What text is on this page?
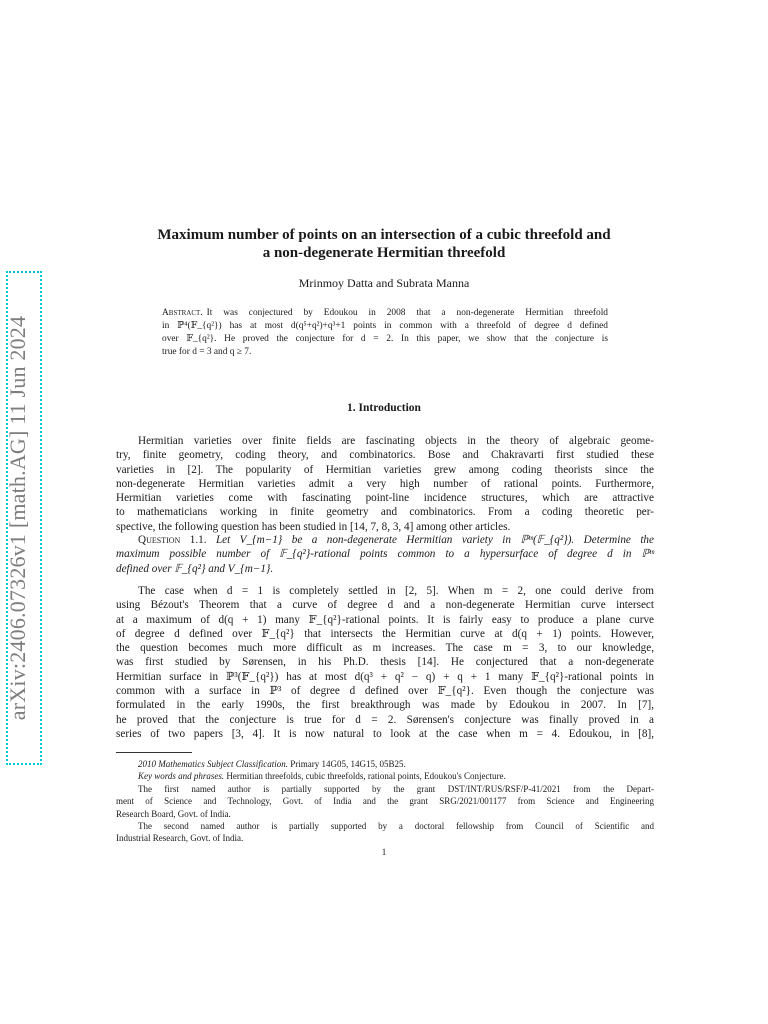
arXiv:2406.07326v1 [math.AG] 11 Jun 2024
Maximum number of points on an intersection of a cubic threefold and
a non-degenerate Hermitian threefold
Mrinmoy Datta and Subrata Manna
Abstract. It was conjectured by Edoukou in 2008 that a non-degenerate Hermitian threefold
in ℙ⁴(𝔽_{q²}) has at most d(q⁵+q²)+q³+1 points in common with a threefold of degree d defined
over 𝔽_{q²}. He proved the conjecture for d = 2. In this paper, we show that the conjecture is
true for d = 3 and q ≥ 7.
1. Introduction
Hermitian varieties over finite fields are fascinating objects in the theory of algebraic geome-
try, finite geometry, coding theory, and combinatorics. Bose and Chakravarti first studied these
varieties in [2]. The popularity of Hermitian varieties grew among coding theorists since the
non-degenerate Hermitian varieties admit a very high number of rational points. Furthermore,
Hermitian varieties come with fascinating point-line incidence structures, which are attractive
to mathematicians working in finite geometry and combinatorics. From a coding theoretic per-
spective, the following question has been studied in [14, 7, 8, 3, 4] among other articles.
Question 1.1. Let V_{m−1} be a non-degenerate Hermitian variety in ℙᵐ(𝔽_{q²}). Determine the
maximum possible number of 𝔽_{q²}-rational points common to a hypersurface of degree d in ℙᵐ
defined over 𝔽_{q²} and V_{m−1}.
The case when d = 1 is completely settled in [2, 5]. When m = 2, one could derive from
using Bézout's Theorem that a curve of degree d and a non-degenerate Hermitian curve intersect
at a maximum of d(q + 1) many 𝔽_{q²}-rational points. It is fairly easy to produce a plane curve
of degree d defined over 𝔽_{q²} that intersects the Hermitian curve at d(q + 1) points. However,
the question becomes much more difficult as m increases. The case m = 3, to our knowledge,
was first studied by Sørensen, in his Ph.D. thesis [14]. He conjectured that a non-degenerate
Hermitian surface in ℙ³(𝔽_{q²}) has at most d(q³ + q² − q) + q + 1 many 𝔽_{q²}-rational points in
common with a surface in ℙ³ of degree d defined over 𝔽_{q²}. Even though the conjecture was
formulated in the early 1990s, the first breakthrough was made by Edoukou in 2007. In [7],
he proved that the conjecture is true for d = 2. Sørensen's conjecture was finally proved in a
series of two papers [3, 4]. It is now natural to look at the case when m = 4. Edoukou, in [8],
2010 Mathematics Subject Classification. Primary 14G05, 14G15, 05B25.
Key words and phrases. Hermitian threefolds, cubic threefolds, rational points, Edoukou's Conjecture.
The first named author is partially supported by the grant DST/INT/RUS/RSF/P-41/2021 from the Depart-
ment of Science and Technology, Govt. of India and the grant SRG/2021/001177 from Science and Engineering
Research Board, Govt. of India.
The second named author is partially supported by a doctoral fellowship from Council of Scientific and
Industrial Research, Govt. of India.
1
